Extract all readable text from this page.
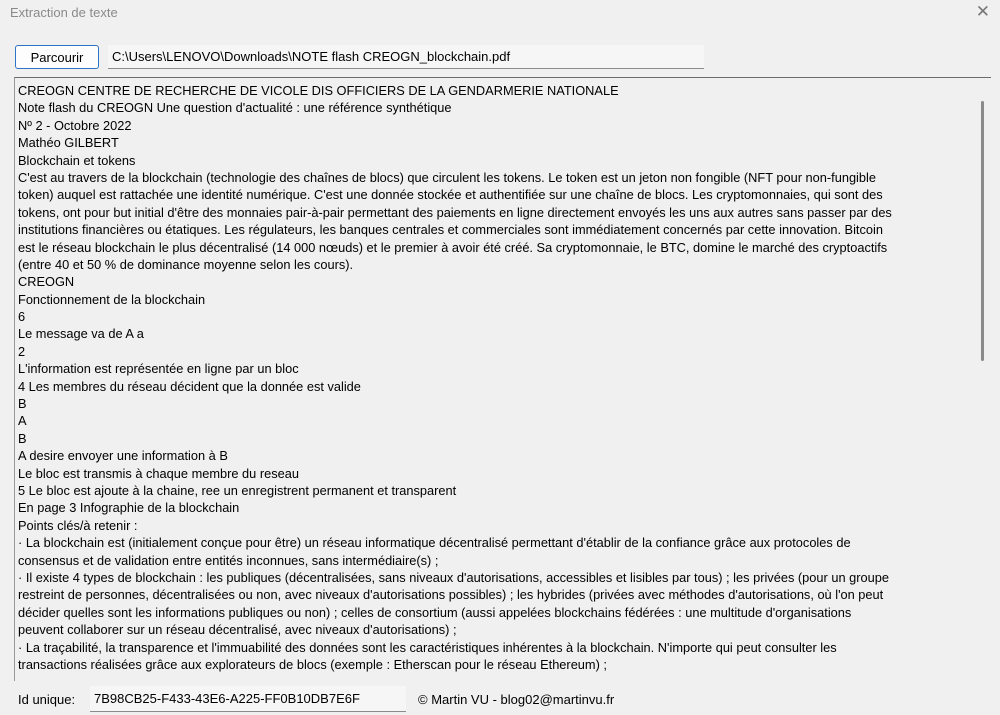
Extraction de texte	✕
Parcourir	C:\Users\LENOVO\Downloads\NOTE flash CREOGN_blockchain.pdf
CREOGN CENTRE DE RECHERCHE DE VICOLE DIS OFFICIERS DE LA GENDARMERIE NATIONALE
Note flash du CREOGN Une question d'actualité : une référence synthétique
Nº 2 - Octobre 2022
Mathéo GILBERT
Blockchain et tokens
C'est au travers de la blockchain (technologie des chaînes de blocs) que circulent les tokens. Le token est un jeton non fongible (NFT pour non-fungible
token) auquel est rattachée une identité numérique. C'est une donnée stockée et authentifiée sur une chaîne de blocs. Les cryptomonnaies, qui sont des
tokens, ont pour but initial d'être des monnaies pair-à-pair permettant des paiements en ligne directement envoyés les uns aux autres sans passer par des
institutions financières ou étatiques. Les régulateurs, les banques centrales et commerciales sont immédiatement concernés par cette innovation. Bitcoin
est le réseau blockchain le plus décentralisé (14 000 nœuds) et le premier à avoir été créé. Sa cryptomonnaie, le BTC, domine le marché des cryptoactifs
(entre 40 et 50 % de dominance moyenne selon les cours).
CREOGN
Fonctionnement de la blockchain
6
Le message va de A a
2
L'information est représentée en ligne par un bloc
4 Les membres du réseau décident que la donnée est valide
B
A
B
A desire envoyer une information à B
Le bloc est transmis à chaque membre du reseau
5 Le bloc est ajoute à la chaine, ree un enregistrent permanent et transparent
En page 3 Infographie de la blockchain
Points clés/à retenir :
· La blockchain est (initialement conçue pour être) un réseau informatique décentralisé permettant d'établir de la confiance grâce aux protocoles de
consensus et de validation entre entités inconnues, sans intermédiaire(s) ;
· Il existe 4 types de blockchain : les publiques (décentralisées, sans niveaux d'autorisations, accessibles et lisibles par tous) ; les privées (pour un groupe
restreint de personnes, décentralisées ou non, avec niveaux d'autorisations possibles) ; les hybrides (privées avec méthodes d'autorisations, où l'on peut
décider quelles sont les informations publiques ou non) ; celles de consortium (aussi appelées blockchains fédérées : une multitude d'organisations
peuvent collaborer sur un réseau décentralisé, avec niveaux d'autorisations) ;
· La traçabilité, la transparence et l'immuabilité des données sont les caractéristiques inhérentes à la blockchain. N'importe qui peut consulter les
transactions réalisées grâce aux explorateurs de blocs (exemple : Etherscan pour le réseau Ethereum) ;
Id unique:	7B98CB25-F433-43E6-A225-FF0B10DB7E6F	© Martin VU - blog02@martinvu.fr
